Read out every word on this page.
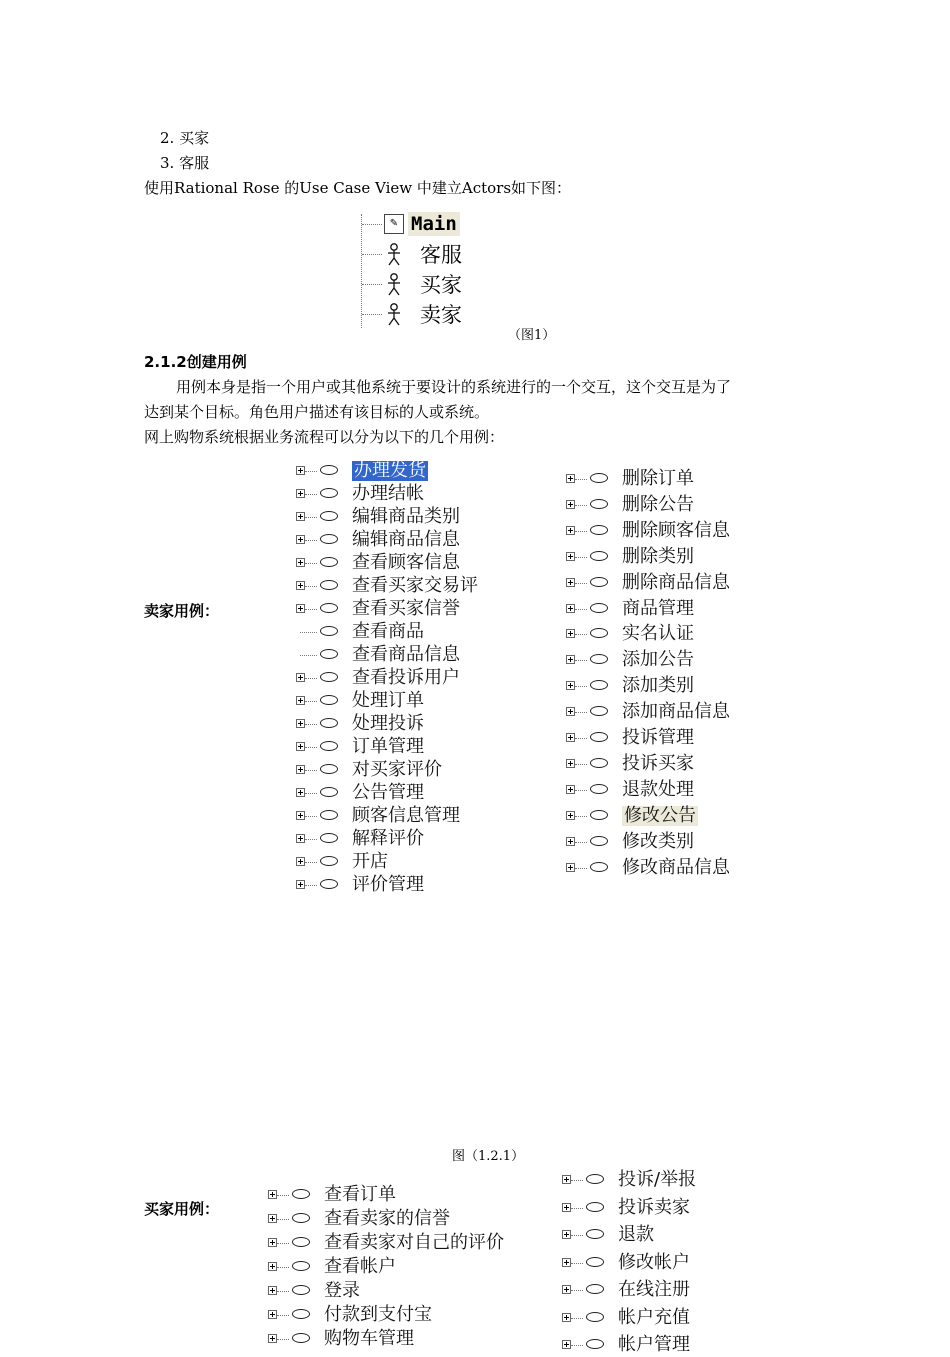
2. 买家
3. 客服
使用Rational Rose 的Use Case View 中建立Actors如下图：
✎ Main
客服
买家
卖家
（图1）
2.1.2创建用例
用例本身是指一个用户或其他系统于要设计的系统进行的一个交互，这个交互是为了
达到某个目标。角色用户描述有该目标的人或系统。
网上购物系统根据业务流程可以分为以下的几个用例：
卖家用例：
办理发货
办理结帐
编辑商品类别
编辑商品信息
查看顾客信息
查看买家交易评
查看买家信誉
查看商品
查看商品信息
查看投诉用户
处理订单
处理投诉
订单管理
对买家评价
公告管理
顾客信息管理
解释评价
开店
评价管理
删除订单
删除公告
删除顾客信息
删除类别
删除商品信息
商品管理
实名认证
添加公告
添加类别
添加商品信息
投诉管理
投诉买家
退款处理
修改公告
修改类别
修改商品信息
图（1.2.1）
买家用例：
查看订单
查看卖家的信誉
查看卖家对自己的评价
查看帐户
登录
付款到支付宝
购物车管理
投诉/举报
投诉卖家
退款
修改帐户
在线注册
帐户充值
帐户管理
